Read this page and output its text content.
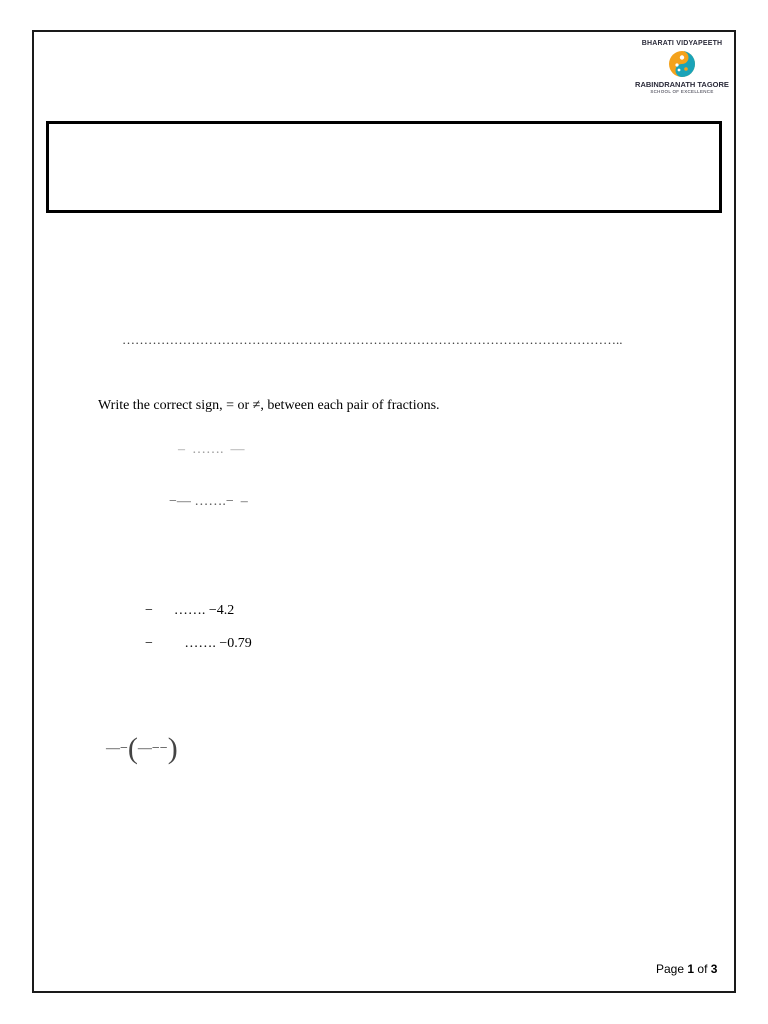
BHARATI VIDYAPEETH
RABINDRANATH TAGORE
SCHOOL OF EXCELLENCE
……………………………………………………………………………………………………..
Write the correct sign, = or ≠, between each pair of fractions.
–  …….  —
−— …….−  –
−      ……. −4.2
−         ……. −0.79

—−(—−−)

Page 1 of 3
